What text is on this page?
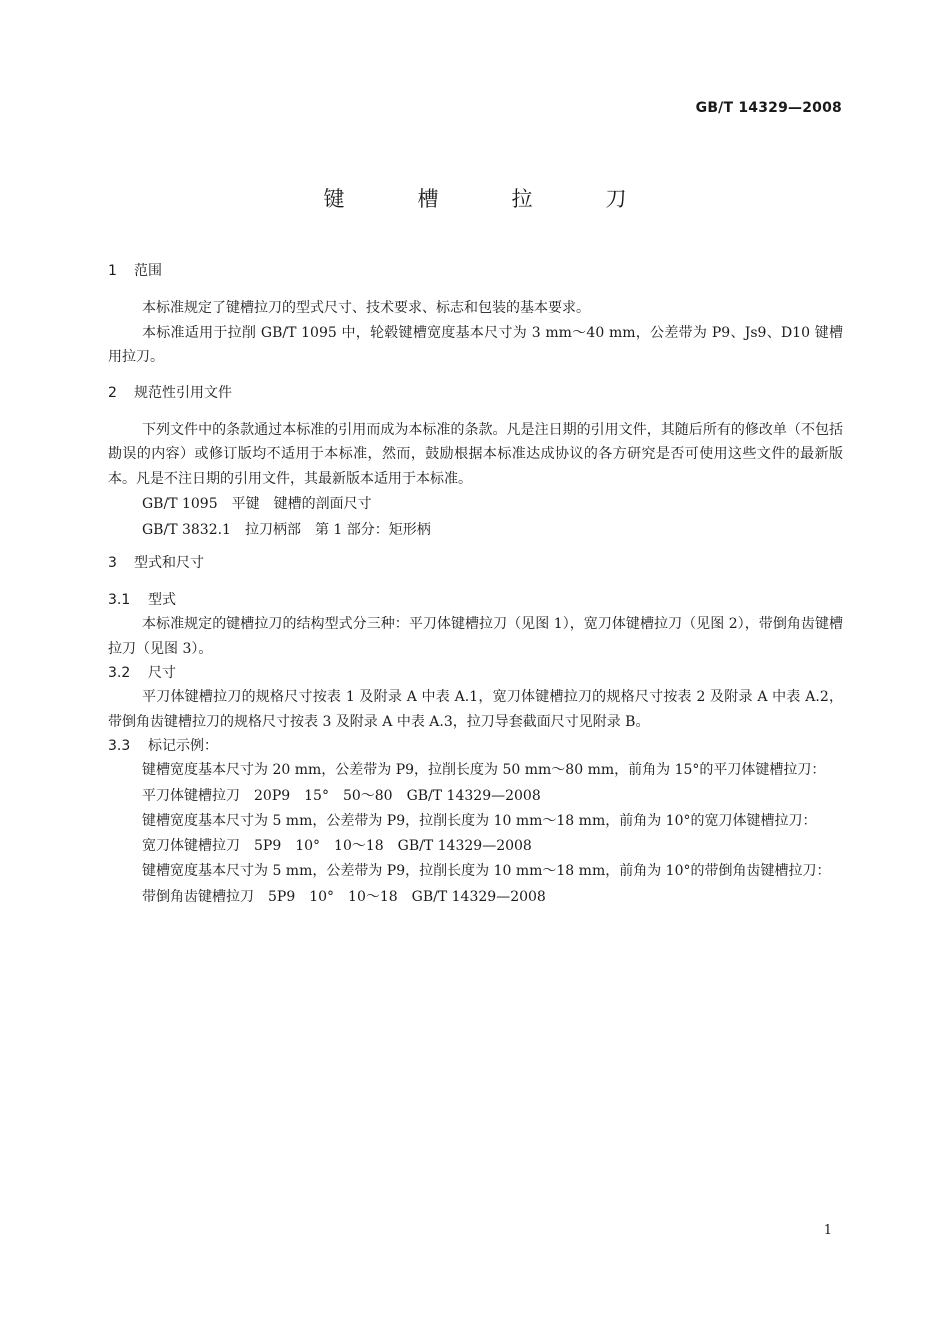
GB/T 14329—2008
键　槽　拉　刀
1 范围

本标准规定了键槽拉刀的型式尺寸、技术要求、标志和包装的基本要求。

本标准适用于拉削 GB/T 1095 中，轮毂键槽宽度基本尺寸为 3 mm～40 mm，公差带为 P9、Js9、D10 键槽用拉刀。

2 规范性引用文件

下列文件中的条款通过本标准的引用而成为本标准的条款。凡是注日期的引用文件，其随后所有的修改单（不包括勘误的内容）或修订版均不适用于本标准，然而，鼓励根据本标准达成协议的各方研究是否可使用这些文件的最新版本。凡是不注日期的引用文件，其最新版本适用于本标准。

GB/T 1095　平键　键槽的剖面尺寸
GB/T 3832.1　拉刀柄部　第 1 部分：矩形柄
3 型式和尺寸
3.1 型式

本标准规定的键槽拉刀的结构型式分三种：平刀体键槽拉刀（见图 1），宽刀体键槽拉刀（见图 2），带倒角齿键槽拉刀（见图 3）。

3.2 尺寸

平刀体键槽拉刀的规格尺寸按表 1 及附录 A 中表 A.1，宽刀体键槽拉刀的规格尺寸按表 2 及附录 A 中表 A.2，带倒角齿键槽拉刀的规格尺寸按表 3 及附录 A 中表 A.3，拉刀导套截面尺寸见附录 B。

3.3 标记示例：

键槽宽度基本尺寸为 20 mm，公差带为 P9，拉削长度为 50 mm～80 mm，前角为 15°的平刀体键槽拉刀：

平刀体键槽拉刀　20P9　15°　50～80　GB/T 14329—2008

键槽宽度基本尺寸为 5 mm，公差带为 P9，拉削长度为 10 mm～18 mm，前角为 10°的宽刀体键槽拉刀：

宽刀体键槽拉刀　5P9　10°　10～18　GB/T 14329—2008

键槽宽度基本尺寸为 5 mm，公差带为 P9，拉削长度为 10 mm～18 mm，前角为 10°的带倒角齿键槽拉刀：

带倒角齿键槽拉刀　5P9　10°　10～18　GB/T 14329—2008
1
